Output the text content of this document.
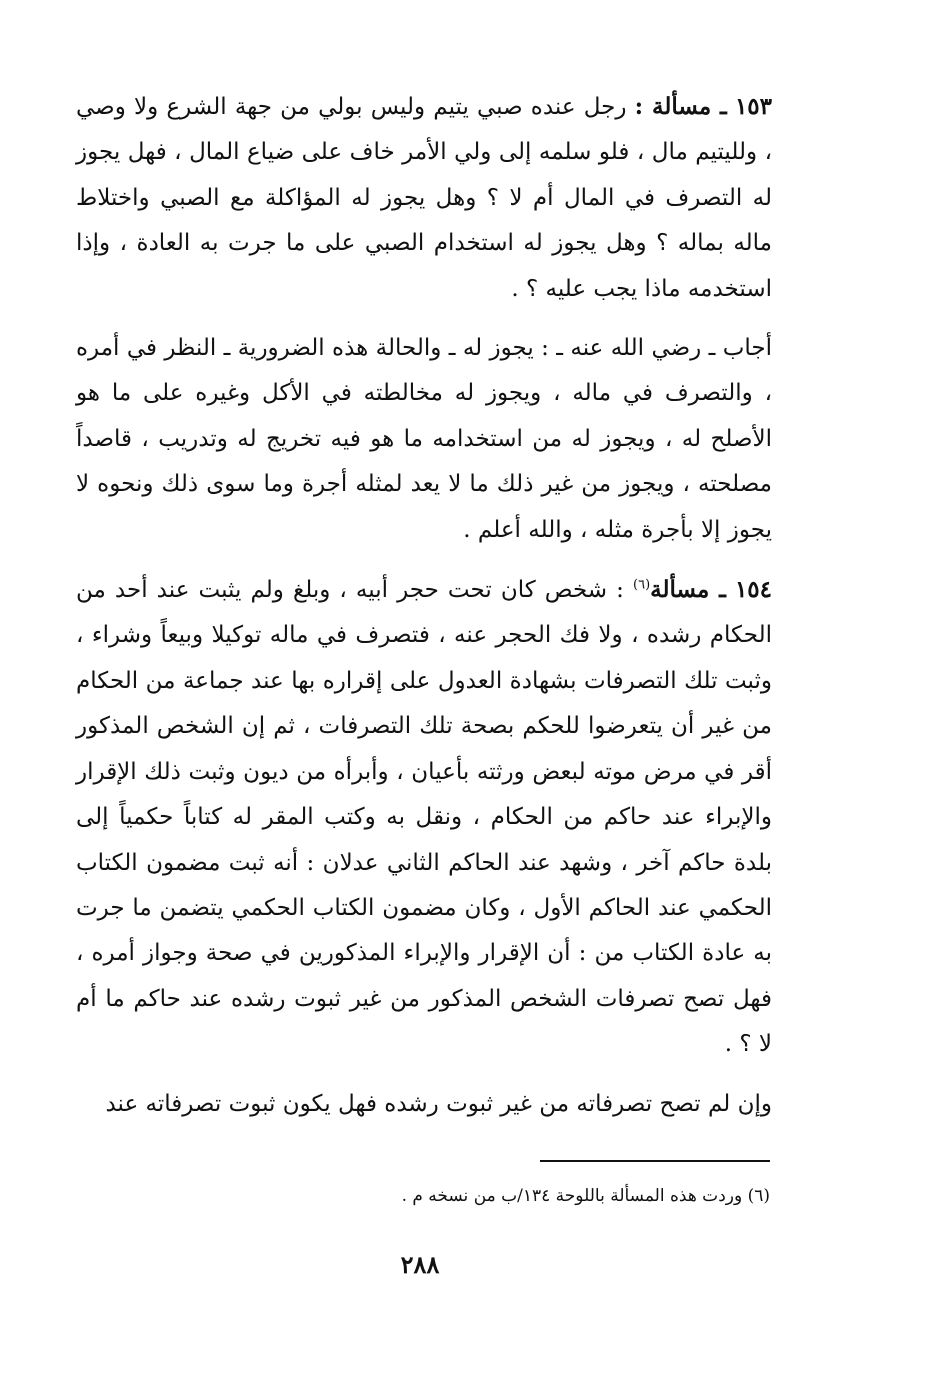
١٥٣ ـ مسألة : رجل عنده صبي يتيم وليس بولي من جهة الشرع ولا وصي ، ولليتيم مال ، فلو سلمه إلى ولي الأمر خاف على ضياع المال ، فهل يجوز له التصرف في المال أم لا ؟ وهل يجوز له المؤاكلة مع الصبي واختلاط ماله بماله ؟ وهل يجوز له استخدام الصبي على ما جرت به العادة ، وإذا استخدمه ماذا يجب عليه ؟ .

أجاب ـ رضي الله عنه ـ : يجوز له ـ والحالة هذه الضرورية ـ النظر في أمره ، والتصرف في ماله ، ويجوز له مخالطته في الأكل وغيره على ما هو الأصلح له ، ويجوز له من استخدامه ما هو فيه تخريج له وتدريب ، قاصداً مصلحته ، ويجوز من غير ذلك ما لا يعد لمثله أجرة وما سوى ذلك ونحوه لا يجوز إلا بأجرة مثله ، والله أعلم .

١٥٤ ـ مسألة$^{(٦)}$ : شخص كان تحت حجر أبيه ، وبلغ ولم يثبت عند أحد من الحكام رشده ، ولا فك الحجر عنه ، فتصرف في ماله توكيلا وبيعاً وشراء ، وثبت تلك التصرفات بشهادة العدول على إقراره بها عند جماعة من الحكام من غير أن يتعرضوا للحكم بصحة تلك التصرفات ، ثم إن الشخص المذكور أقر في مرض موته لبعض ورثته بأعيان ، وأبرأه من ديون وثبت ذلك الإقرار والإبراء عند حاكم من الحكام ، ونقل به وكتب المقر له كتاباً حكمياً إلى بلدة حاكم آخر ، وشهد عند الحاكم الثاني عدلان : أنه ثبت مضمون الكتاب الحكمي عند الحاكم الأول ، وكان مضمون الكتاب الحكمي يتضمن ما جرت به عادة الكتاب من : أن الإقرار والإبراء المذكورين في صحة وجواز أمره ، فهل تصح تصرفات الشخص المذكور من غير ثبوت رشده عند حاكم ما أم لا ؟ .

وإن لم تصح تصرفاته من غير ثبوت رشده فهل يكون ثبوت تصرفاته عند

(٦) وردت هذه المسألة باللوحة ١٣٤/ب من نسخه م .
٢٨٨
